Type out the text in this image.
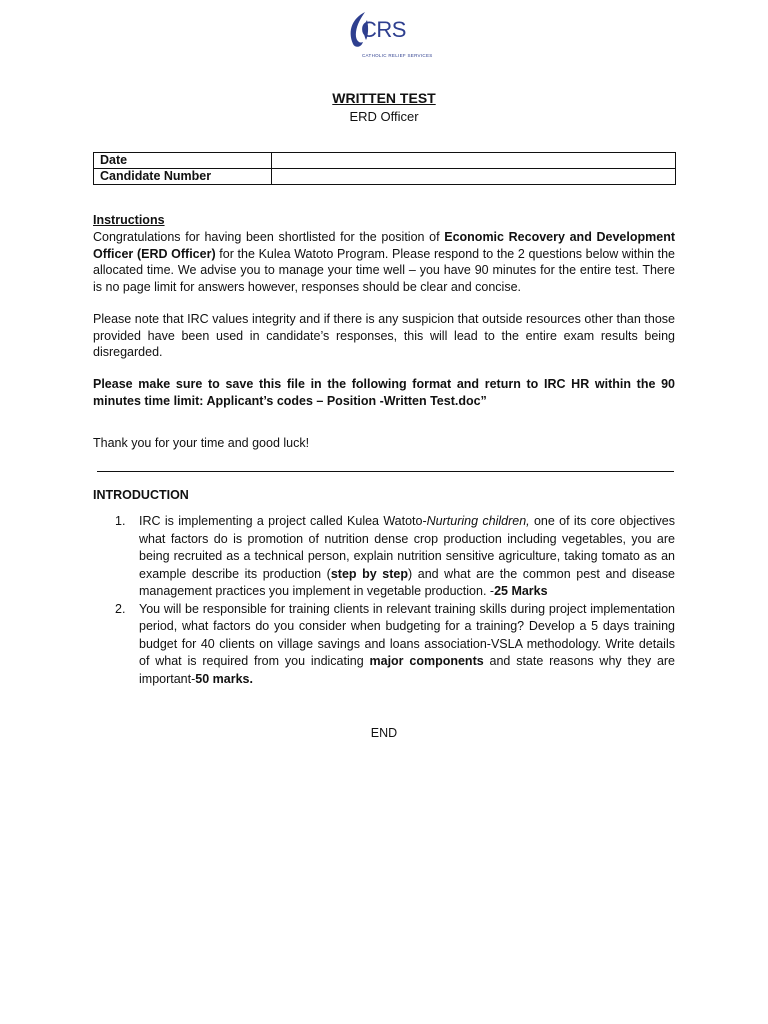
CRS
CATHOLIC RELIEF SERVICES
WRITTEN TEST
ERD Officer
Date	
Candidate Number	
Instructions
Congratulations for having been shortlisted for the position of Economic Recovery and Development Officer (ERD Officer) for the Kulea Watoto Program. Please respond to the 2 questions below within the allocated time. We advise you to manage your time well – you have 90 minutes for the entire test. There is no page limit for answers however, responses should be clear and concise.
Please note that IRC values integrity and if there is any suspicion that outside resources other than those provided have been used in candidate’s responses, this will lead to the entire exam results being disregarded.
Please make sure to save this file in the following format and return to IRC HR within the 90 minutes time limit: Applicant’s codes – Position -Written Test.doc”
Thank you for your time and good luck!
INTRODUCTION
1. IRC is implementing a project called Kulea Watoto-Nurturing children, one of its core objectives what factors do is promotion of nutrition dense crop production including vegetables, you are being recruited as a technical person, explain nutrition sensitive agriculture, taking tomato as an example describe its production (step by step) and what are the common pest and disease management practices you implement in vegetable production. -25 Marks
2. You will be responsible for training clients in relevant training skills during project implementation period, what factors do you consider when budgeting for a training? Develop a 5 days training budget for 40 clients on village savings and loans association-VSLA methodology. Write details of what is required from you indicating major components and state reasons why they are important-50 marks.
END
